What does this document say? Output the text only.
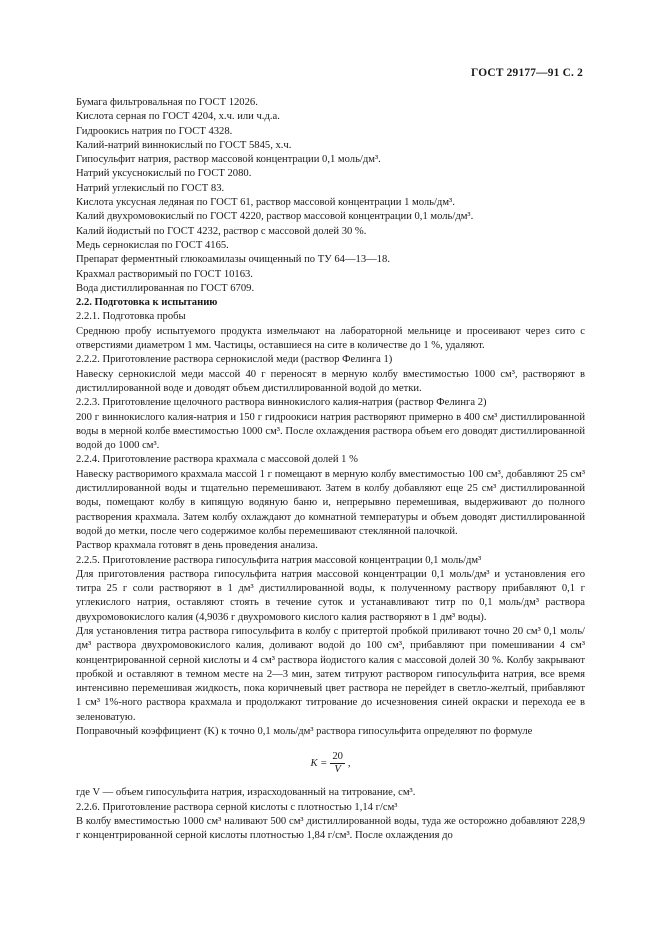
ГОСТ 29177—91 С. 2
Бумага фильтровальная по ГОСТ 12026.
Кислота серная по ГОСТ 4204, х.ч. или ч.д.а.
Гидроокись натрия по ГОСТ 4328.
Калий-натрий виннокислый по ГОСТ 5845, х.ч.
Гипосульфит натрия, раствор массовой концентрации 0,1 моль/дм³.
Натрий уксуснокислый по ГОСТ 2080.
Натрий углекислый по ГОСТ 83.
Кислота уксусная ледяная по ГОСТ 61, раствор массовой концентрации 1 моль/дм³.
Калий двухромовокислый по ГОСТ 4220, раствор массовой концентрации 0,1 моль/дм³.
Калий йодистый по ГОСТ 4232, раствор с массовой долей 30 %.
Медь сернокислая по ГОСТ 4165.
Препарат ферментный глюкоамилазы очищенный по ТУ 64—13—18.
Крахмал растворимый по ГОСТ 10163.
Вода дистиллированная по ГОСТ 6709.
2.2. Подготовка к испытанию

2.2.1. Подготовка пробы

Среднюю пробу испытуемого продукта измельчают на лабораторной мельнице и просеивают через сито с отверстиями диаметром 1 мм. Частицы, оставшиеся на сите в количестве до 1 %, удаляют.

2.2.2. Приготовление раствора сернокислой меди (раствор Фелинга 1)

Навеску сернокислой меди массой 40 г переносят в мерную колбу вместимостью 1000 см³, растворяют в дистиллированной воде и доводят объем дистиллированной водой до метки.

2.2.3. Приготовление щелочного раствора виннокислого калия-натрия (раствор Фелинга 2)

200 г виннокислого калия-натрия и 150 г гидроокиси натрия растворяют примерно в 400 см³ дистиллированной воды в мерной колбе вместимостью 1000 см³. После охлаждения раствора объем его доводят дистиллированной водой до 1000 см³.

2.2.4. Приготовление раствора крахмала с массовой долей 1 %

Навеску растворимого крахмала массой 1 г помещают в мерную колбу вместимостью 100 см³, добавляют 25 см³ дистиллированной воды и тщательно перемешивают. Затем в колбу добавляют еще 25 см³ дистиллированной воды, помещают колбу в кипящую водяную баню и, непрерывно перемешивая, выдерживают до полного растворения крахмала. Затем колбу охлаждают до комнатной температуры и объем доводят дистиллированной водой до метки, после чего содержимое колбы перемешивают стеклянной палочкой.

Раствор крахмала готовят в день проведения анализа.

2.2.5. Приготовление раствора гипосульфита натрия массовой концентрации 0,1 моль/дм³

Для приготовления раствора гипосульфита натрия массовой концентрации 0,1 моль/дм³ и установления его титра 25 г соли растворяют в 1 дм³ дистиллированной воды, к полученному раствору прибавляют 0,1 г углекислого натрия, оставляют стоять в течение суток и устанавливают титр по 0,1 моль/дм³ раствора двухромовокислого калия (4,9036 г двухромового кислого калия растворяют в 1 дм³ воды).

Для установления титра раствора гипосульфита в колбу с притертой пробкой приливают точно 20 см³ 0,1 моль/дм³ раствора двухромовокислого калия, доливают водой до 100 см³, прибавляют при помешивании 4 см³ концентрированной серной кислоты и 4 см³ раствора йодистого калия с массовой долей 30 %. Колбу закрывают пробкой и оставляют в темном месте на 2—3 мин, затем титруют раствором гипосульфита натрия, все время интенсивно перемешивая жидкость, пока коричневый цвет раствора не перейдет в светло-желтый, прибавляют 1 см³ 1%-ного раствора крахмала и продолжают титрование до исчезновения синей окраски и перехода ее в зеленоватую.

Поправочный коэффициент (K) к точно 0,1 моль/дм³ раствора гипосульфита определяют по формуле

$K = \frac{20}{V}$ ,

где V — объем гипосульфита натрия, израсходованный на титрование, см³.

2.2.6. Приготовление раствора серной кислоты с плотностью 1,14 г/см³

В колбу вместимостью 1000 см³ наливают 500 см³ дистиллированной воды, туда же осторожно добавляют 228,9 г концентрированной серной кислоты плотностью 1,84 г/см³. После охлаждения до
